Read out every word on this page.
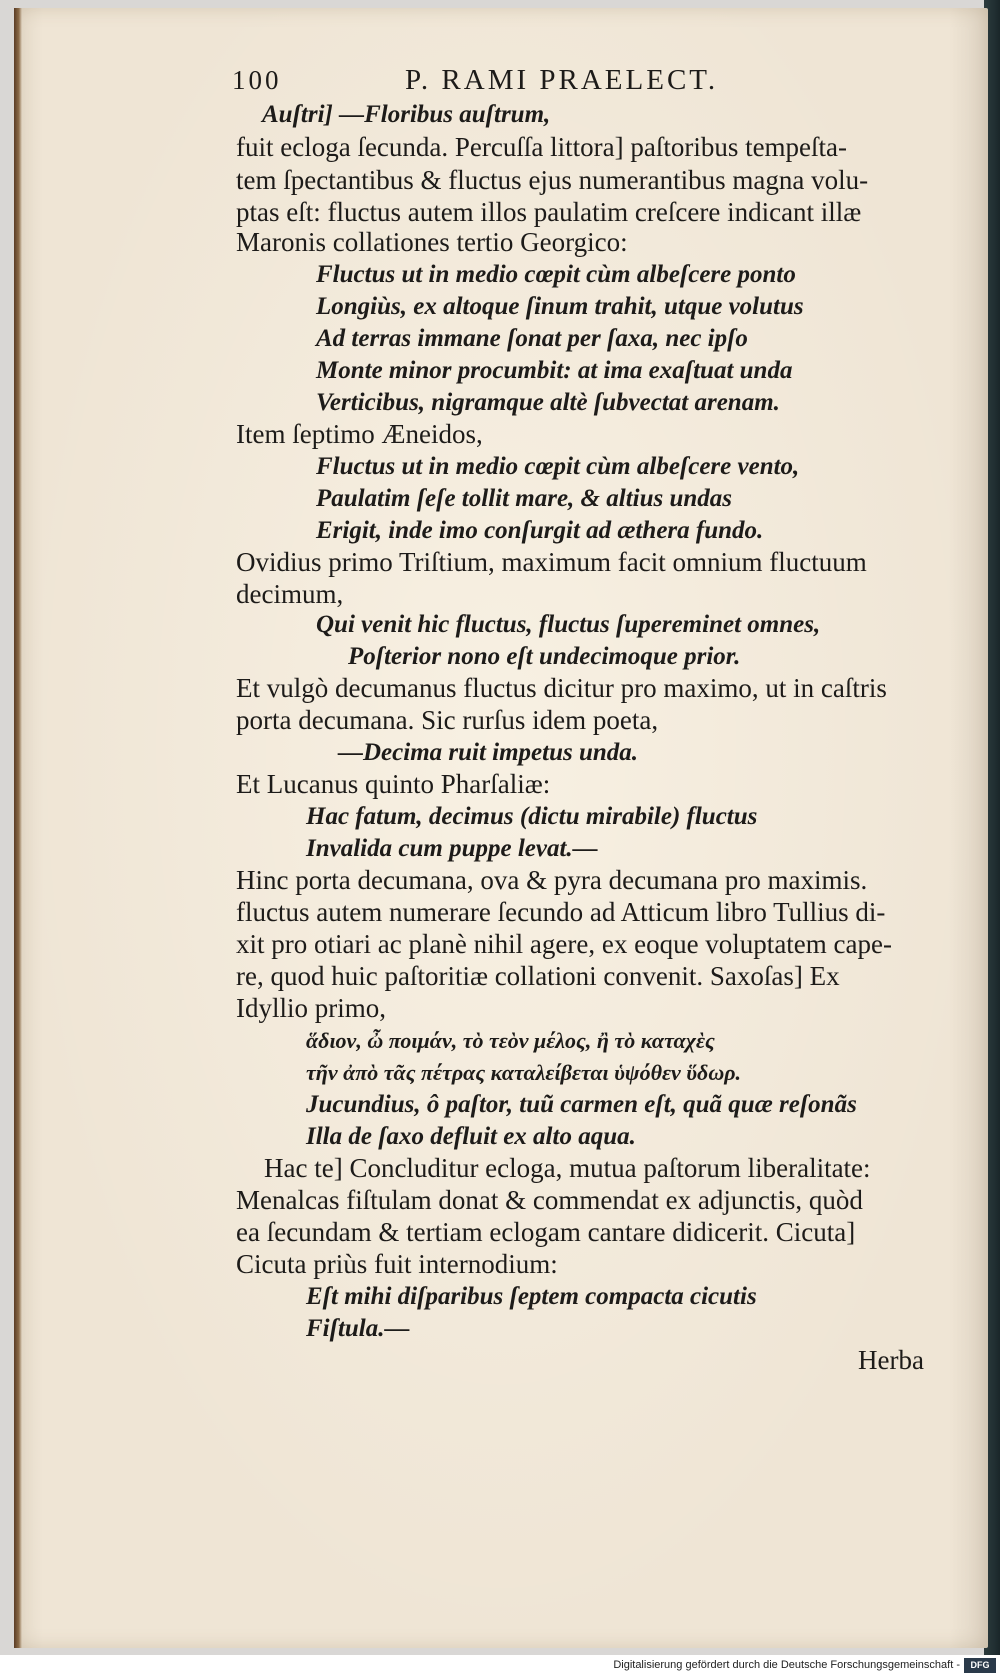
100	P. RAMI PRAELECT.
Auſtri] —Floribus auſtrum,
fuit ecloga ſecunda. Percuſſa littora] paſtoribus tempeſta-
tem ſpectantibus & fluctus ejus numerantibus magna volu-
ptas eſt: fluctus autem illos paulatim creſcere indicant illæ
Maronis collationes tertio Georgico:
Fluctus ut in medio cœpit cùm albeſcere ponto
Longiùs, ex altoque ſinum trahit, utque volutus
Ad terras immane ſonat per ſaxa, nec ipſo
Monte minor procumbit: at ima exaſtuat unda
Verticibus, nigramque altè ſubvectat arenam.
Item ſeptimo Æneidos,
Fluctus ut in medio cœpit cùm albeſcere vento,
Paulatim ſeſe tollit mare, & altius undas
Erigit, inde imo conſurgit ad æthera fundo.
Ovidius primo Triſtium, maximum facit omnium fluctuum
decimum,
Qui venit hic fluctus, fluctus ſupereminet omnes,
Poſterior nono eſt undecimoque prior.
Et vulgò decumanus fluctus dicitur pro maximo, ut in caſtris
porta decumana. Sic rurſus idem poeta,
—Decima ruit impetus unda.
Et Lucanus quinto Pharſaliæ:
Hac fatum, decimus (dictu mirabile) fluctus
Invalida cum puppe levat.—
Hinc porta decumana, ova & pyra decumana pro maximis.
fluctus autem numerare ſecundo ad Atticum libro Tullius di-
xit pro otiari ac planè nihil agere, ex eoque voluptatem cape-
re, quod huic paſtoritiæ collationi convenit. Saxoſas] Ex
Idyllio primo,
ἅδιον, ὦ ποιμάν, τὸ τεὸν μέλος, ἢ τὸ καταχὲς
τῆν ἀπὸ τᾶς πέτρας καταλείβεται ὑψόθεν ὕδωρ.
Jucundius, ô paſtor, tuũ carmen eſt, quã quæ reſonãs
Illa de ſaxo defluit ex alto aqua.
Hac te] Concluditur ecloga, mutua paſtorum liberalitate:
Menalcas fiſtulam donat & commendat ex adjunctis, quòd
ea ſecundam & tertiam eclogam cantare didicerit. Cicuta]
Cicuta priùs fuit internodium:
Eſt mihi diſparibus ſeptem compacta cicutis
Fiſtula.—
Herba
Digitalisierung gefördert durch die Deutsche Forschungsgemeinschaft -	DFG
